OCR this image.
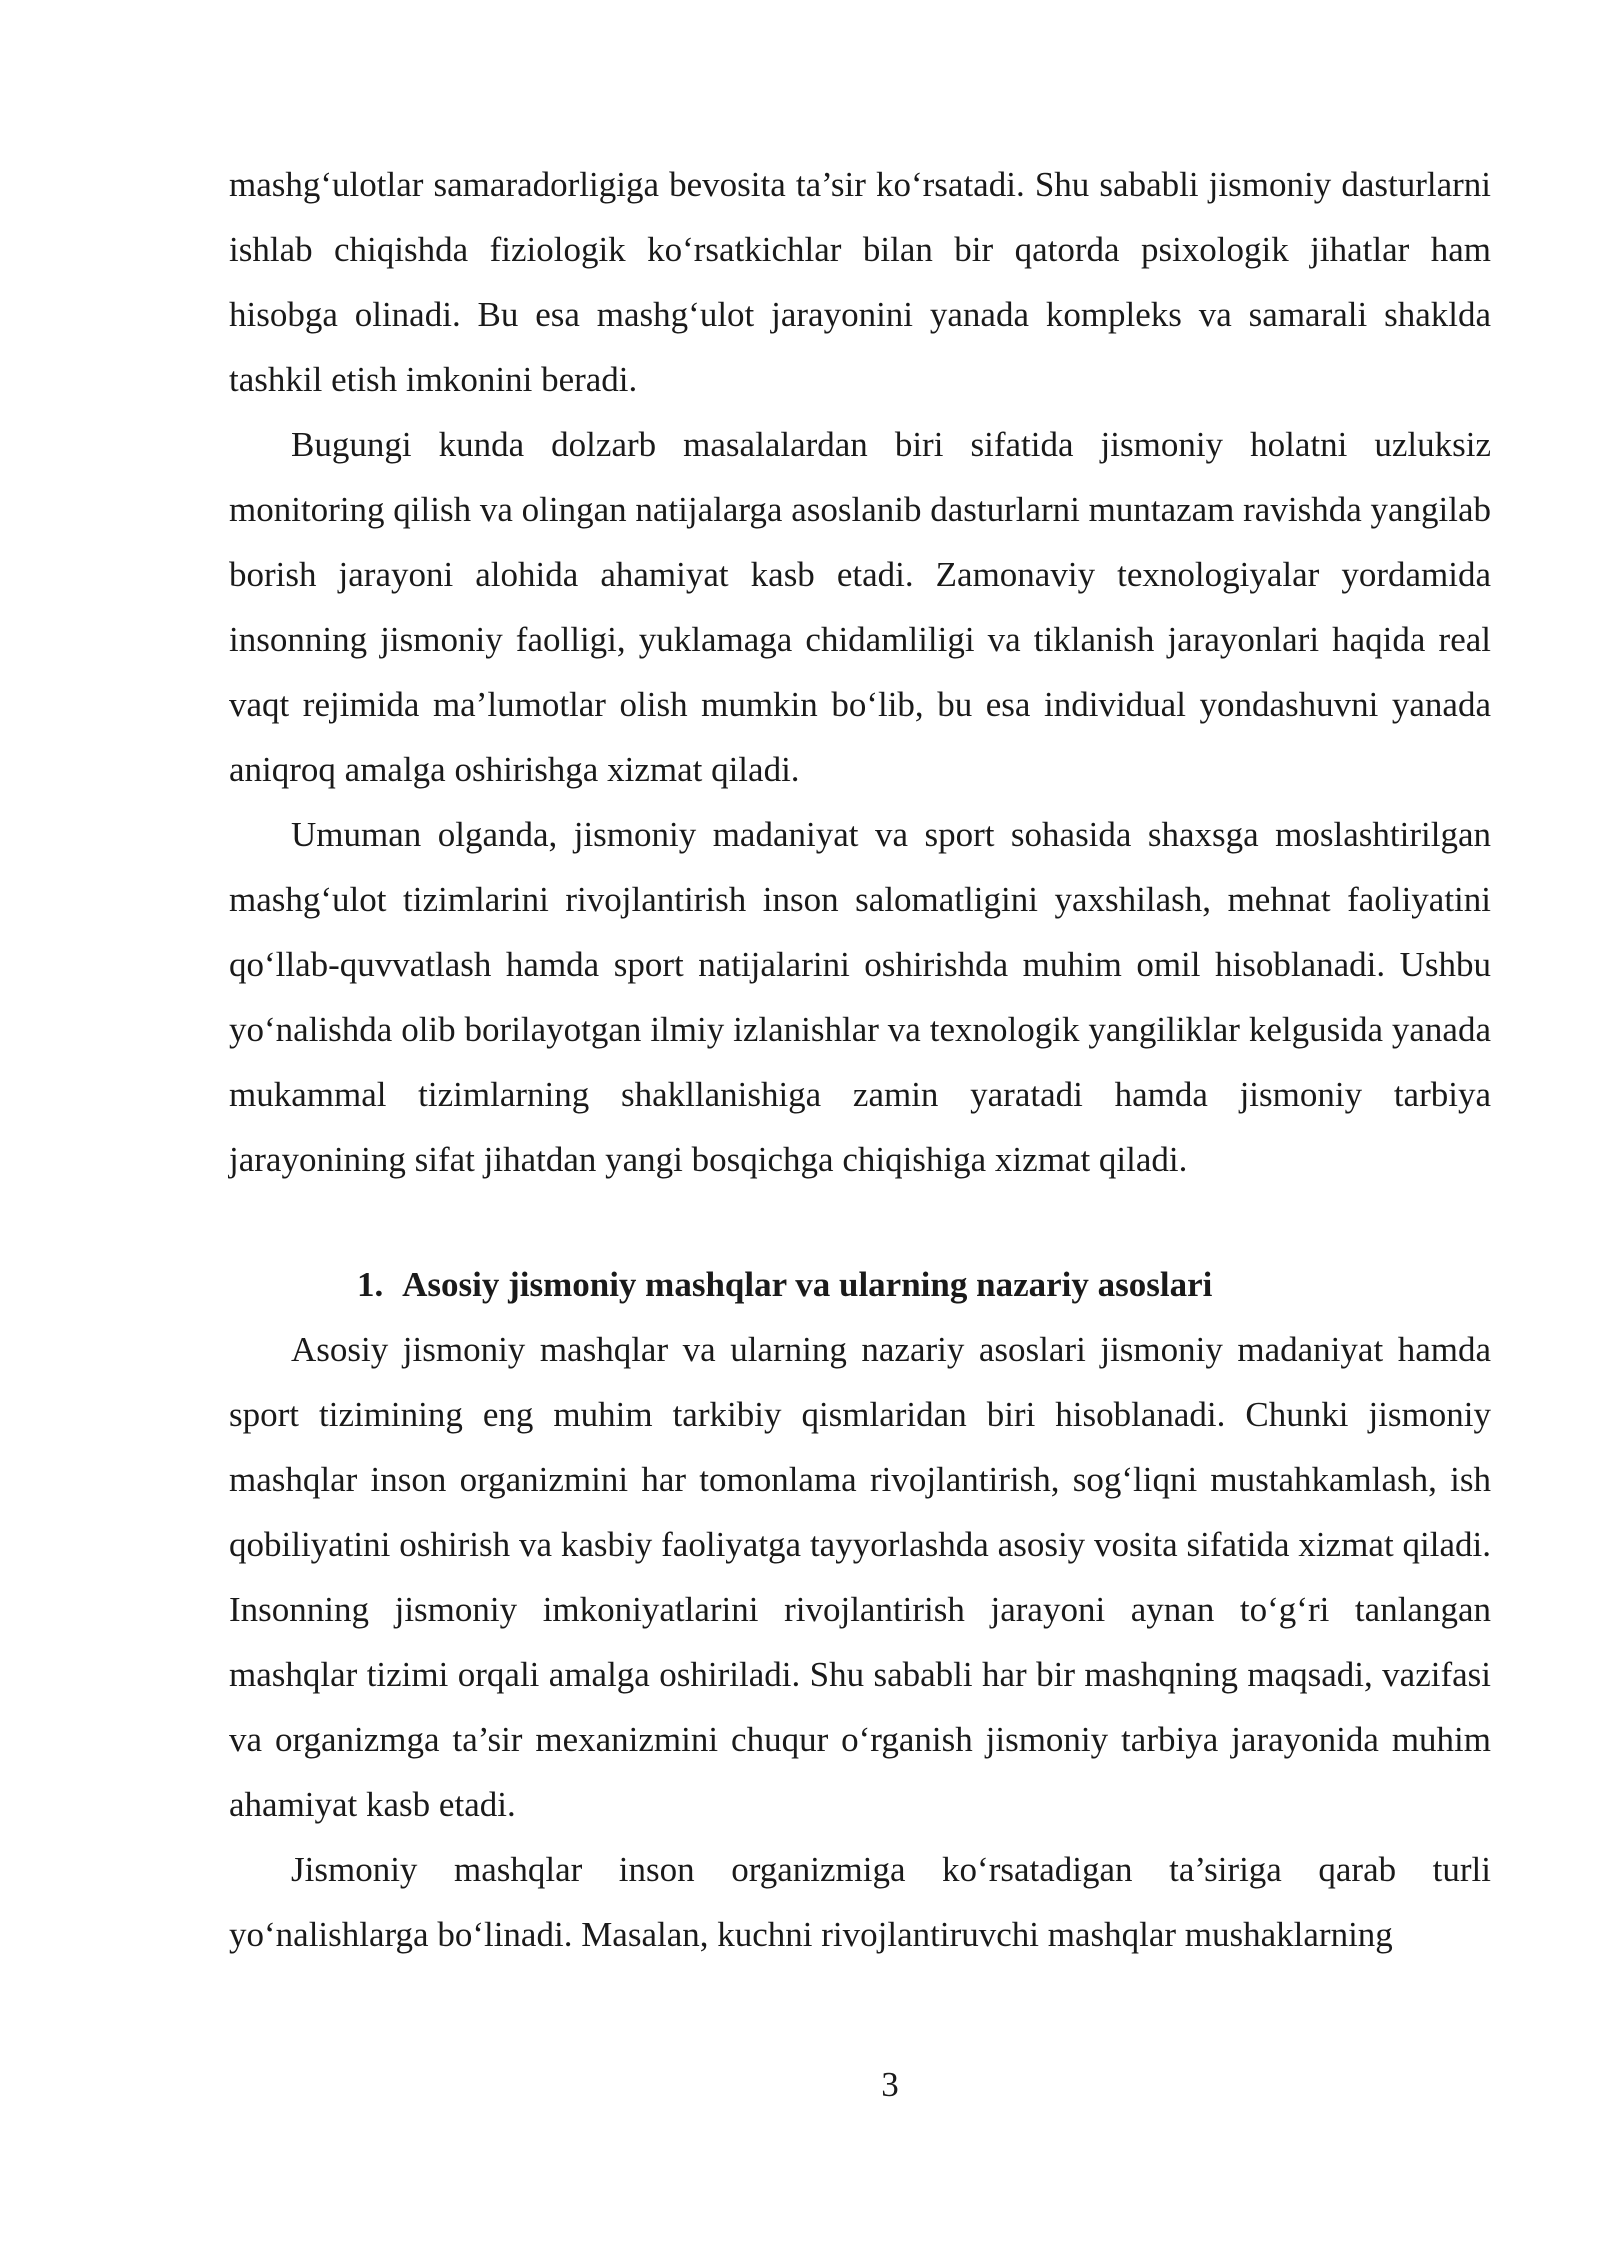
mashg‘ulotlar samaradorligiga bevosita ta’sir ko‘rsatadi. Shu sababli jismoniy dasturlarni ishlab chiqishda fiziologik ko‘rsatkichlar bilan bir qatorda psixologik jihatlar ham hisobga olinadi. Bu esa mashg‘ulot jarayonini yanada kompleks va samarali shaklda tashkil etish imkonini beradi.

Bugungi kunda dolzarb masalalardan biri sifatida jismoniy holatni uzluksiz monitoring qilish va olingan natijalarga asoslanib dasturlarni muntazam ravishda yangilab borish jarayoni alohida ahamiyat kasb etadi. Zamonaviy texnologiyalar yordamida insonning jismoniy faolligi, yuklamaga chidamliligi va tiklanish jarayonlari haqida real vaqt rejimida ma’lumotlar olish mumkin bo‘lib, bu esa individual yondashuvni yanada aniqroq amalga oshirishga xizmat qiladi.

Umuman olganda, jismoniy madaniyat va sport sohasida shaxsga moslashtirilgan mashg‘ulot tizimlarini rivojlantirish inson salomatligini yaxshilash, mehnat faoliyatini qo‘llab-quvvatlash hamda sport natijalarini oshirishda muhim omil hisoblanadi. Ushbu yo‘nalishda olib borilayotgan ilmiy izlanishlar va texnologik yangiliklar kelgusida yanada mukammal tizimlarning shakllanishiga zamin yaratadi hamda jismoniy tarbiya jarayonining sifat jihatdan yangi bosqichga chiqishiga xizmat qiladi.

1. Asosiy jismoniy mashqlar va ularning nazariy asoslari

Asosiy jismoniy mashqlar va ularning nazariy asoslari jismoniy madaniyat hamda sport tizimining eng muhim tarkibiy qismlaridan biri hisoblanadi. Chunki jismoniy mashqlar inson organizmini har tomonlama rivojlantirish, sog‘liqni mustahkamlash, ish qobiliyatini oshirish va kasbiy faoliyatga tayyorlashda asosiy vosita sifatida xizmat qiladi. Insonning jismoniy imkoniyatlarini rivojlantirish jarayoni aynan to‘g‘ri tanlangan mashqlar tizimi orqali amalga oshiriladi. Shu sababli har bir mashqning maqsadi, vazifasi va organizmga ta’sir mexanizmini chuqur o‘rganish jismoniy tarbiya jarayonida muhim ahamiyat kasb etadi.

Jismoniy mashqlar inson organizmiga ko‘rsatadigan ta’siriga qarab turli yo‘nalishlarga bo‘linadi. Masalan, kuchni rivojlantiruvchi mashqlar mushaklarning

3
